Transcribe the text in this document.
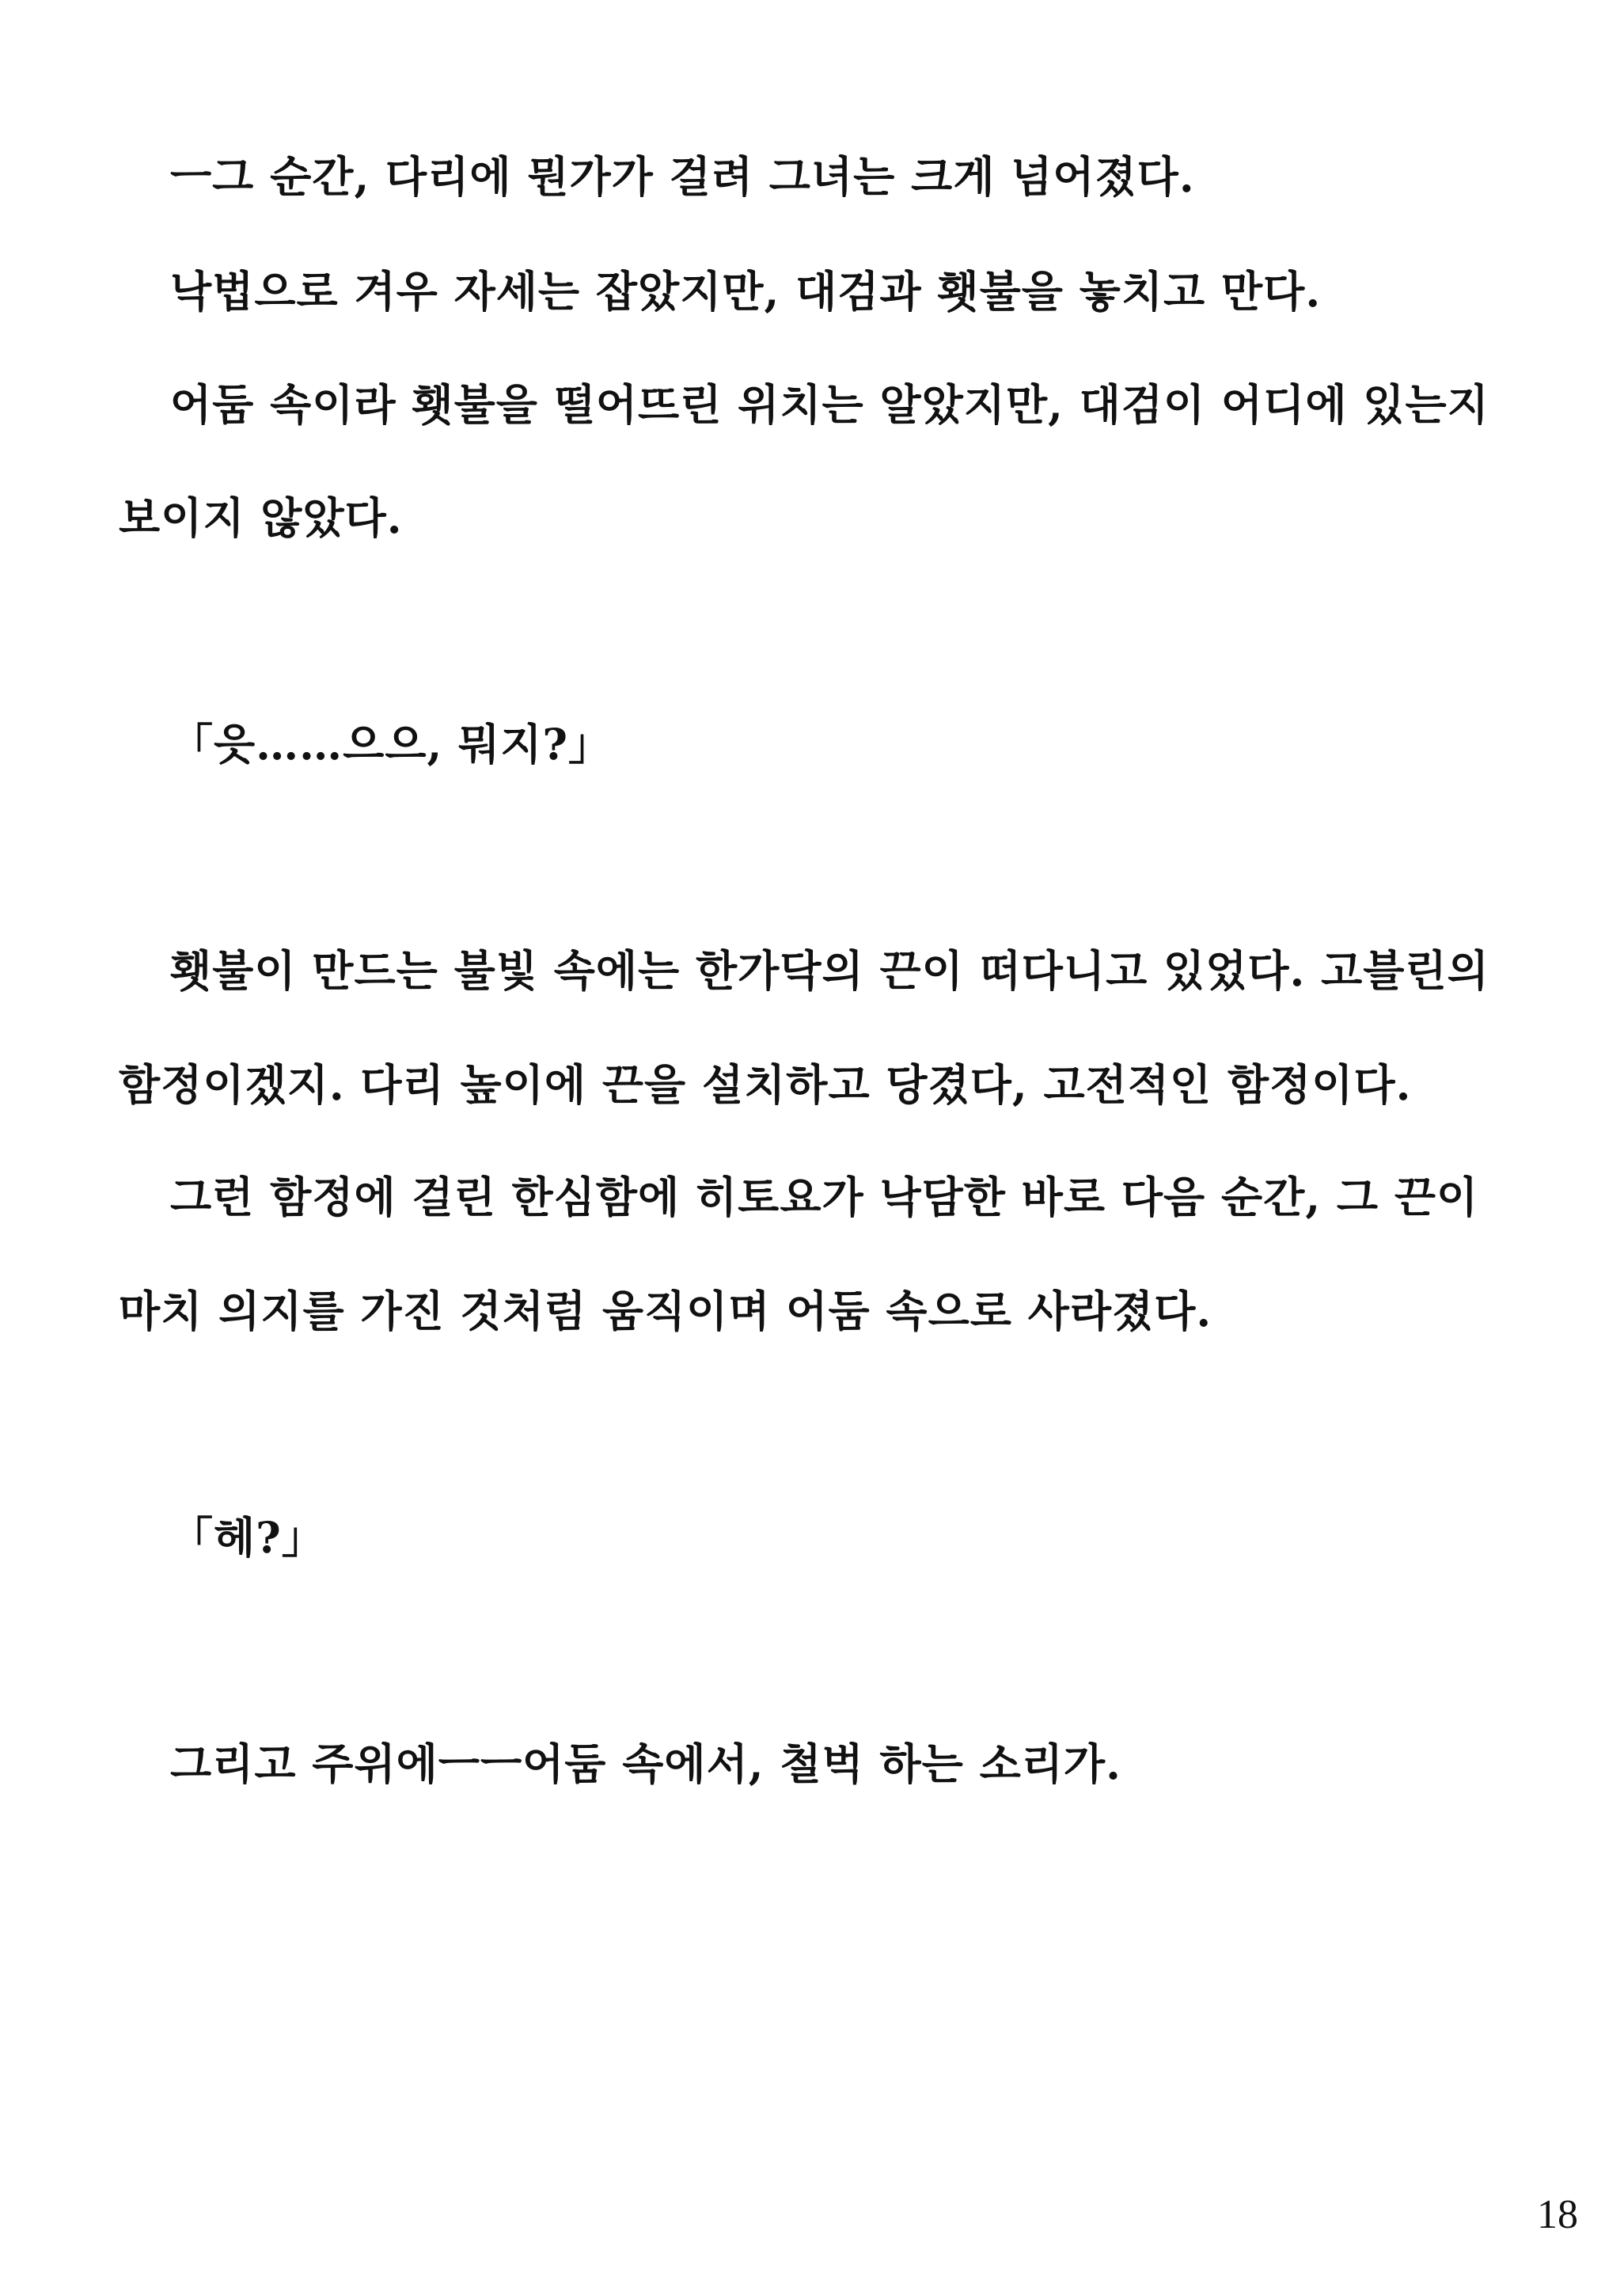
ㅡ그 순간, 다리에 뭔가가 걸려 그녀는 크게 넘어졌다.
낙법으로 겨우 자세는 잡았지만, 대검과 횃불을 놓치고 만다.
어둠 속이라 횃불을 떨어뜨린 위치는 알았지만, 대검이 어디에 있는지
보이지 않았다.
「읏……으으, 뭐지?」
횃불이 만드는 불빛 속에는 한가닥의 끈이 떠다니고 있었다. 고블린의
함정이겠지. 다리 높이에 끈을 설치하고 당겼다, 고전적인 함정이다.
그런 함정에 걸린 한심함에 히토요가 낙담한 바로 다음 순간, 그 끈이
마치 의지를 가진 것처럼 움직이며 어둠 속으로 사라졌다.
「헤?」
그리고 주위에ㅡㅡ어둠 속에서, 철벅 하는 소리가.
18
